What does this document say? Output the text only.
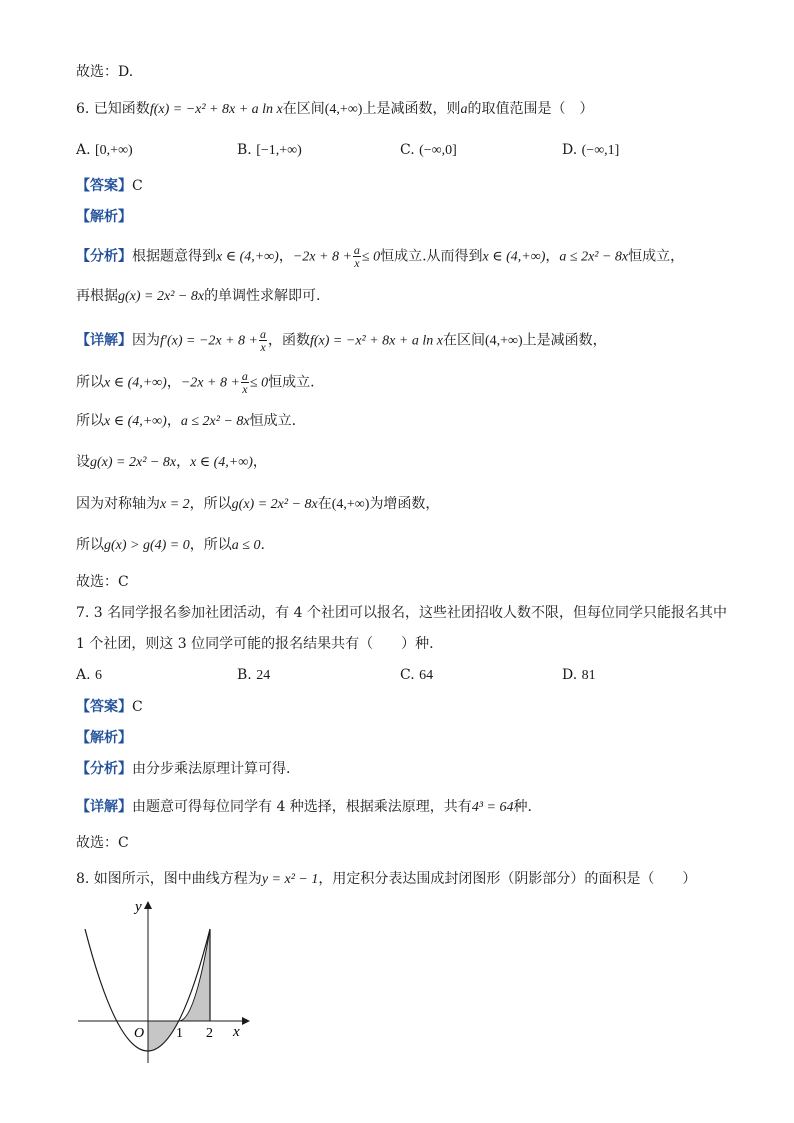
故选：D.
6. 已知函数f(x) = −x² + 8x + a ln x在区间(4,+∞)上是减函数，则a的取值范围是（　）
A. [0,+∞)	B. [−1,+∞)	C. (−∞,0]	D. (−∞,1]
【答案】C
【解析】
【分析】根据题意得到x ∈ (4,+∞)，$-2x + 8 + \frac{a}{x} \le 0$恒成立.从而得到x ∈ (4,+∞)，a ≤ 2x² − 8x恒成立，
再根据g(x) = 2x² − 8x的单调性求解即可.
【详解】因为$f'(x) = -2x + 8 + \frac{a}{x}$ ，函数f(x) = −x² + 8x + a ln x在区间(4,+∞)上是减函数，
所以x ∈ (4,+∞)，$-2x + 8 + \frac{a}{x} \le 0$恒成立.
所以x ∈ (4,+∞)，a ≤ 2x² − 8x恒成立.
设g(x) = 2x² − 8x，x ∈ (4,+∞)，
因为对称轴为x = 2，所以g(x) = 2x² − 8x在(4,+∞)为增函数，
所以g(x) > g(4) = 0，所以a ≤ 0.
故选：C
7. 3 名同学报名参加社团活动，有 4 个社团可以报名，这些社团招收人数不限，但每位同学只能报名其中
1 个社团，则这 3 位同学可能的报名结果共有（　　）种.
A. 6	B. 24	C. 64	D. 81
【答案】C
【解析】
【分析】由分步乘法原理计算可得.
【详解】由题意可得每位同学有 4 种选择，根据乘法原理，共有4³ = 64种.
故选：C
8. 如图所示，图中曲线方程为y = x² − 1，用定积分表达围成封闭图形（阴影部分）的面积是（　　）
y
x
O 1 2
